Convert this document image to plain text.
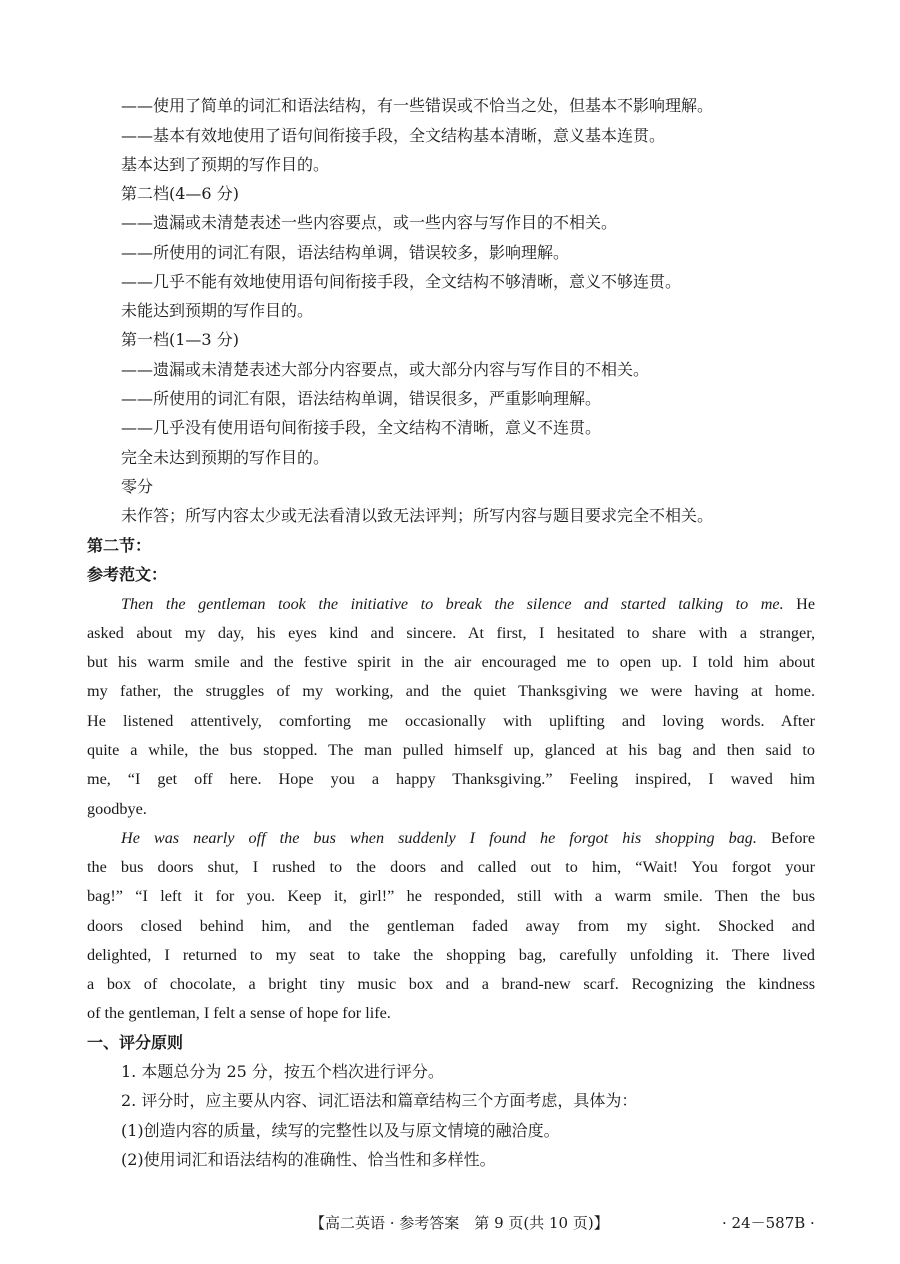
——使用了简单的词汇和语法结构，有一些错误或不恰当之处，但基本不影响理解。
——基本有效地使用了语句间衔接手段，全文结构基本清晰，意义基本连贯。
基本达到了预期的写作目的。
第二档(4—6 分)
——遗漏或未清楚表述一些内容要点，或一些内容与写作目的不相关。
——所使用的词汇有限，语法结构单调，错误较多，影响理解。
——几乎不能有效地使用语句间衔接手段，全文结构不够清晰，意义不够连贯。
未能达到预期的写作目的。
第一档(1—3 分)
——遗漏或未清楚表述大部分内容要点，或大部分内容与写作目的不相关。
——所使用的词汇有限，语法结构单调，错误很多，严重影响理解。
——几乎没有使用语句间衔接手段，全文结构不清晰，意义不连贯。
完全未达到预期的写作目的。
零分
未作答；所写内容太少或无法看清以致无法评判；所写内容与题目要求完全不相关。
第二节：
参考范文：
Then the gentleman took the initiative to break the silence and started talking to me. He
asked about my day, his eyes kind and sincere. At first, I hesitated to share with a stranger,
but his warm smile and the festive spirit in the air encouraged me to open up. I told him about
my father, the struggles of my working, and the quiet Thanksgiving we were having at home.
He listened attentively, comforting me occasionally with uplifting and loving words. After
quite a while, the bus stopped. The man pulled himself up, glanced at his bag and then said to
me, “I get off here. Hope you a happy Thanksgiving.” Feeling inspired, I waved him
goodbye.
He was nearly off the bus when suddenly I found he forgot his shopping bag. Before
the bus doors shut, I rushed to the doors and called out to him, “Wait! You forgot your
bag!” “I left it for you. Keep it, girl!” he responded, still with a warm smile. Then the bus
doors closed behind him, and the gentleman faded away from my sight. Shocked and
delighted, I returned to my seat to take the shopping bag, carefully unfolding it. There lived
a box of chocolate, a bright tiny music box and a brand-new scarf. Recognizing the kindness
of the gentleman, I felt a sense of hope for life.
一、评分原则
1. 本题总分为 25 分，按五个档次进行评分。
2. 评分时，应主要从内容、词汇语法和篇章结构三个方面考虑，具体为：
(1)创造内容的质量，续写的完整性以及与原文情境的融洽度。
(2)使用词汇和语法结构的准确性、恰当性和多样性。
【高二英语 · 参考答案　第 9 页(共 10 页)】	· 24－587B ·
